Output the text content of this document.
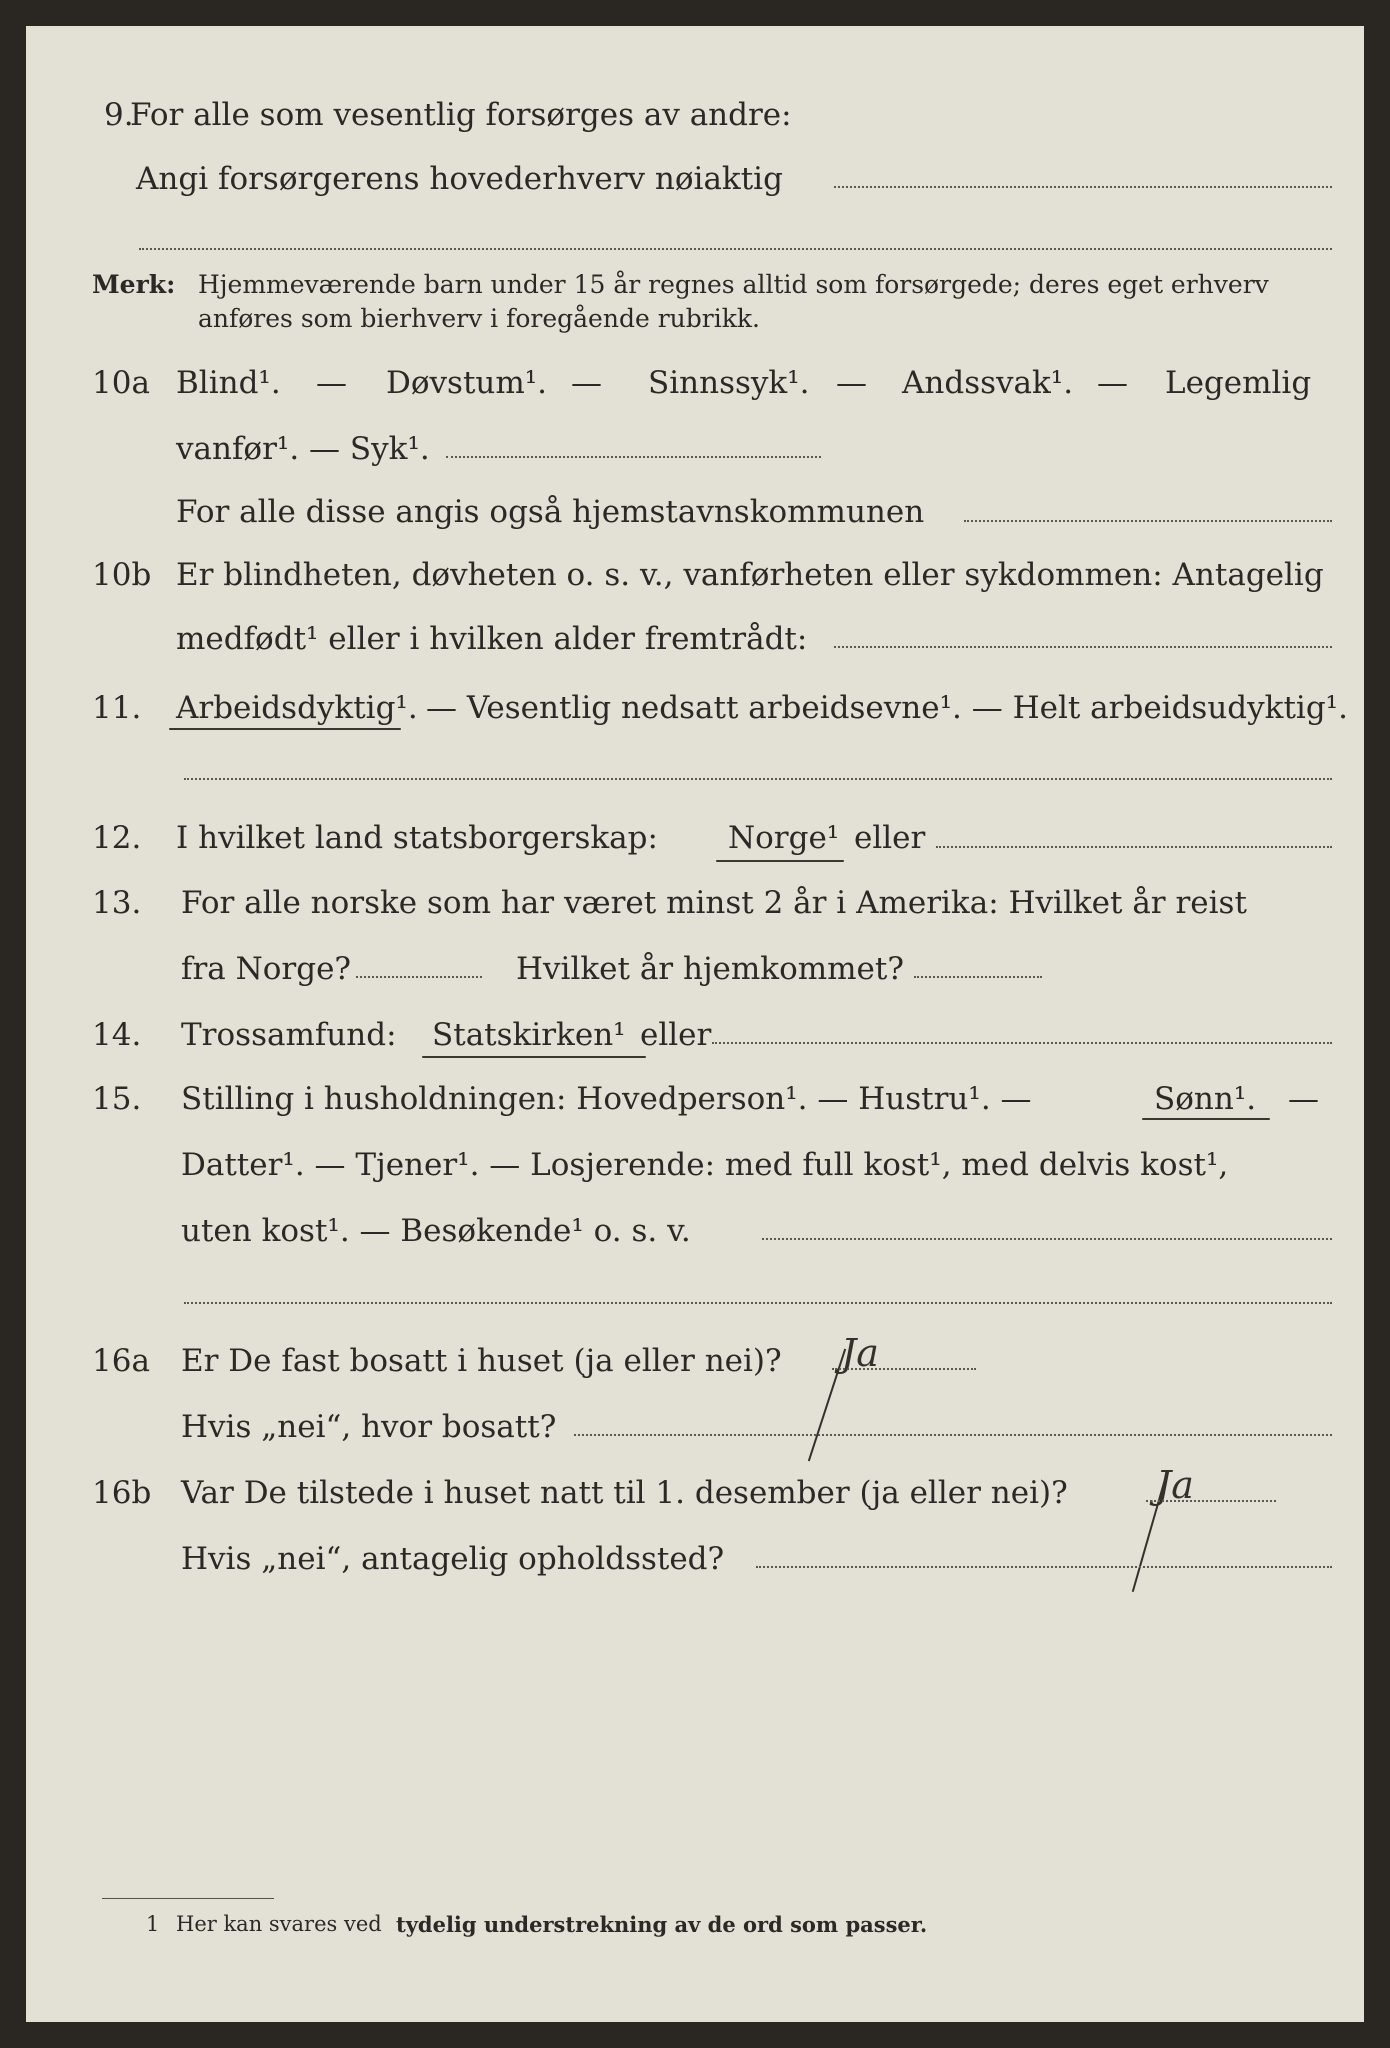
9.
For alle som vesentlig forsørges av andre:
Angi forsørgerens hovederhverv nøiaktig
Merk: Hjemmeværende barn under 15 år regnes alltid som forsørgede; deres eget erhverv
anføres som bierhverv i foregående rubrikk.
10a Blind¹. — Døvstum¹. — Sinnssyk¹. — Andssvak¹. — Legemlig
vanfør¹. — Syk¹.
For alle disse angis også hjemstavnskommunen
10b Er blindheten, døvheten o. s. v., vanførheten eller sykdommen: Antagelig
medfødt¹ eller i hvilken alder fremtrådt:
11. Arbeidsdyktig¹. — Vesentlig nedsatt arbeidsevne¹. — Helt arbeidsudyktig¹.
12. I hvilket land statsborgerskap: Norge¹ eller
13. For alle norske som har været minst 2 år i Amerika: Hvilket år reist
fra Norge?	Hvilket år hjemkommet?
14. Trossamfund: Statskirken¹ eller
15. Stilling i husholdningen: Hovedperson¹. — Hustru¹. —	Sønn¹. —
Datter¹. — Tjener¹. — Losjerende: med full kost¹, med delvis kost¹,
uten kost¹. — Besøkende¹ o. s. v.
16a Er De fast bosatt i huset (ja eller nei)? Ja
Hvis „nei“, hvor bosatt?
16b Var De tilstede i huset natt til 1. desember (ja eller nei)? Ja
Hvis „nei“, antagelig opholdssted?
1 Her kan svares ved tydelig understrekning av de ord som passer.
